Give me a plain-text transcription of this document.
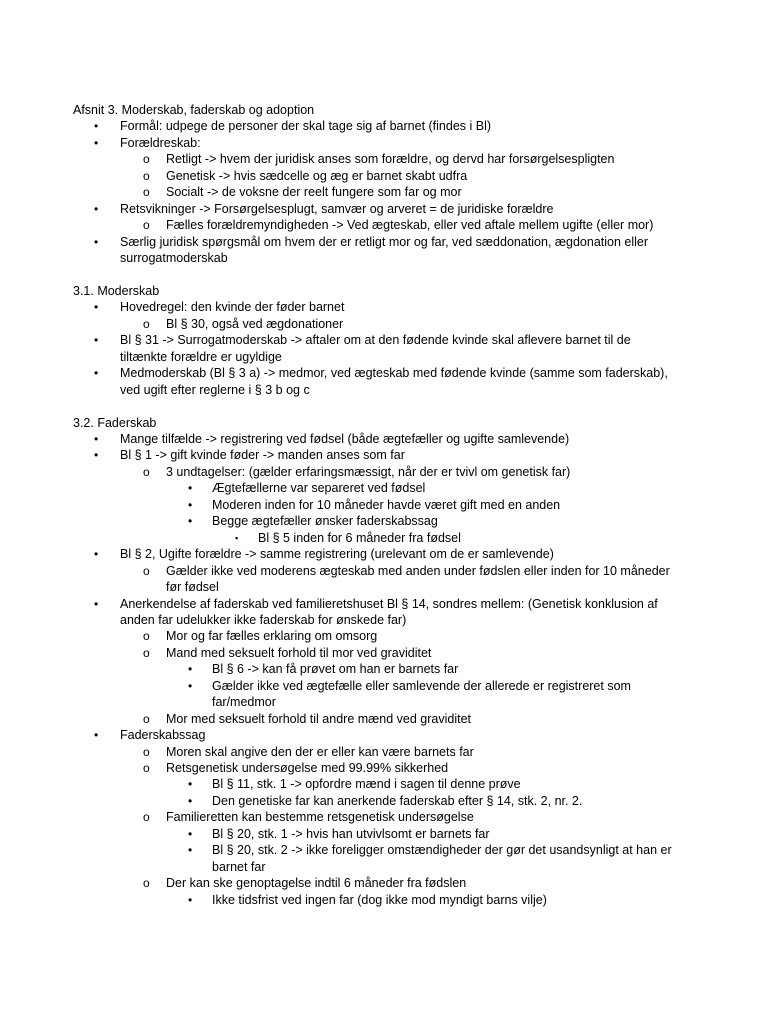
Afsnit 3. Moderskab, faderskab og adoption
• Formål: udpege de personer der skal tage sig af barnet (findes i Bl)
• Forældreskab:
o Retligt -> hvem der juridisk anses som forældre, og dervd har forsørgelsespligten
o Genetisk -> hvis sædcelle og æg er barnet skabt udfra
o Socialt -> de voksne der reelt fungere som far og mor
• Retsvikninger -> Forsørgelsesplugt, samvær og arveret = de juridiske forældre
o Fælles forældremyndigheden -> Ved ægteskab, eller ved aftale mellem ugifte (eller mor)
• Særlig juridisk spørgsmål om hvem der er retligt mor og far, ved sæddonation, ægdonation eller
surrogatmoderskab
3.1. Moderskab
• Hovedregel: den kvinde der føder barnet
o Bl § 30, også ved ægdonationer
• Bl § 31 -> Surrogatmoderskab -> aftaler om at den fødende kvinde skal aflevere barnet til de
tiltænkte forældre er ugyldige
• Medmoderskab (Bl § 3 a) -> medmor, ved ægteskab med fødende kvinde (samme som faderskab),
ved ugift efter reglerne i § 3 b og c
3.2. Faderskab
• Mange tilfælde -> registrering ved fødsel (både ægtefæller og ugifte samlevende)
• Bl § 1 -> gift kvinde føder -> manden anses som far
o 3 undtagelser: (gælder erfaringsmæssigt, når der er tvivl om genetisk far)
• Ægtefællerne var separeret ved fødsel
• Moderen inden for 10 måneder havde været gift med en anden
• Begge ægtefæller ønsker faderskabssag
▪ Bl § 5 inden for 6 måneder fra fødsel
• Bl § 2, Ugifte forældre -> samme registrering (urelevant om de er samlevende)
o Gælder ikke ved moderens ægteskab med anden under fødslen eller inden for 10 måneder
før fødsel
• Anerkendelse af faderskab ved familieretshuset Bl § 14, sondres mellem: (Genetisk konklusion af
anden far udelukker ikke faderskab for ønskede far)
o Mor og far fælles erklaring om omsorg
o Mand med seksuelt forhold til mor ved graviditet
• Bl § 6 -> kan få prøvet om han er barnets far
• Gælder ikke ved ægtefælle eller samlevende der allerede er registreret som
far/medmor
o Mor med seksuelt forhold til andre mænd ved graviditet
• Faderskabssag
o Moren skal angive den der er eller kan være barnets far
o Retsgenetisk undersøgelse med 99.99% sikkerhed
• Bl § 11, stk. 1 -> opfordre mænd i sagen til denne prøve
• Den genetiske far kan anerkende faderskab efter § 14, stk. 2, nr. 2.
o Familieretten kan bestemme retsgenetisk undersøgelse
• Bl § 20, stk. 1 -> hvis han utvivlsomt er barnets far
• Bl § 20, stk. 2 -> ikke foreligger omstændigheder der gør det usandsynligt at han er
barnet far
o Der kan ske genoptagelse indtil 6 måneder fra fødslen
• Ikke tidsfrist ved ingen far (dog ikke mod myndigt barns vilje)
